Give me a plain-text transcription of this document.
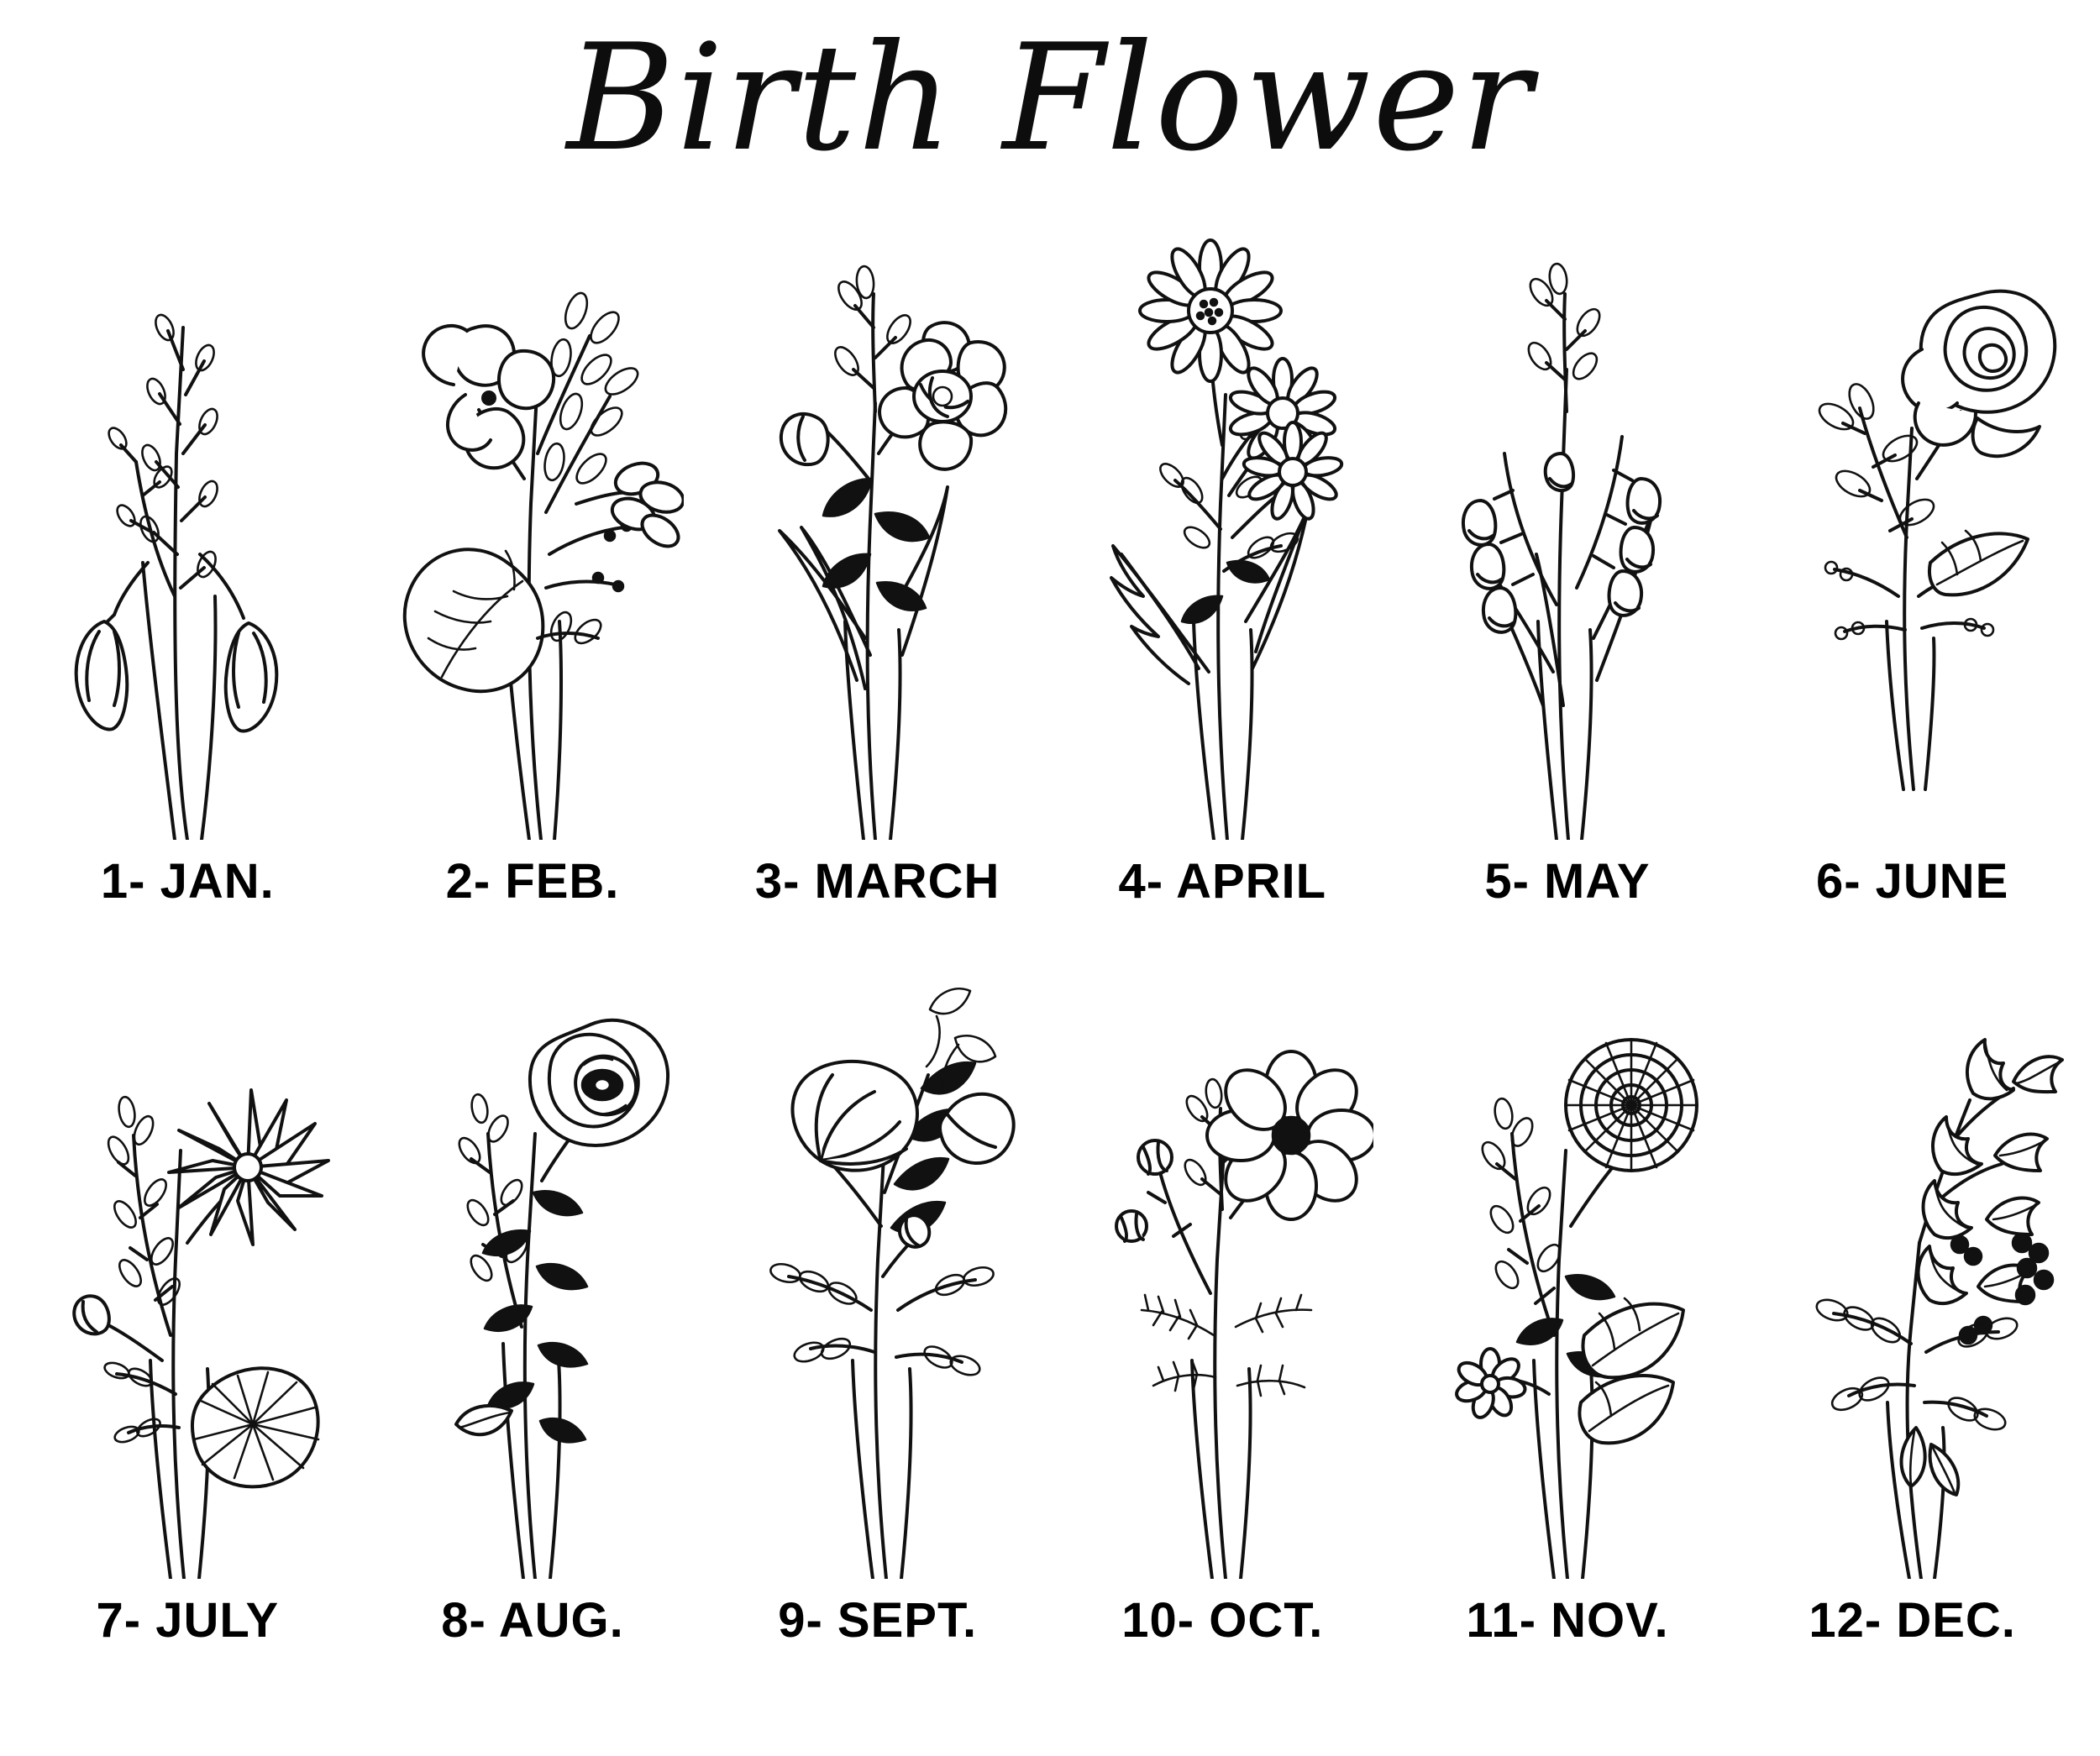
Birth Flower
1- JAN.	2- FEB.	3- MARCH 4- APRIL	5- MAY	6- JUNE
7- JULY	8- AUG.	9- SEPT.	10- OCT.	11- NOV.	12- DEC.
